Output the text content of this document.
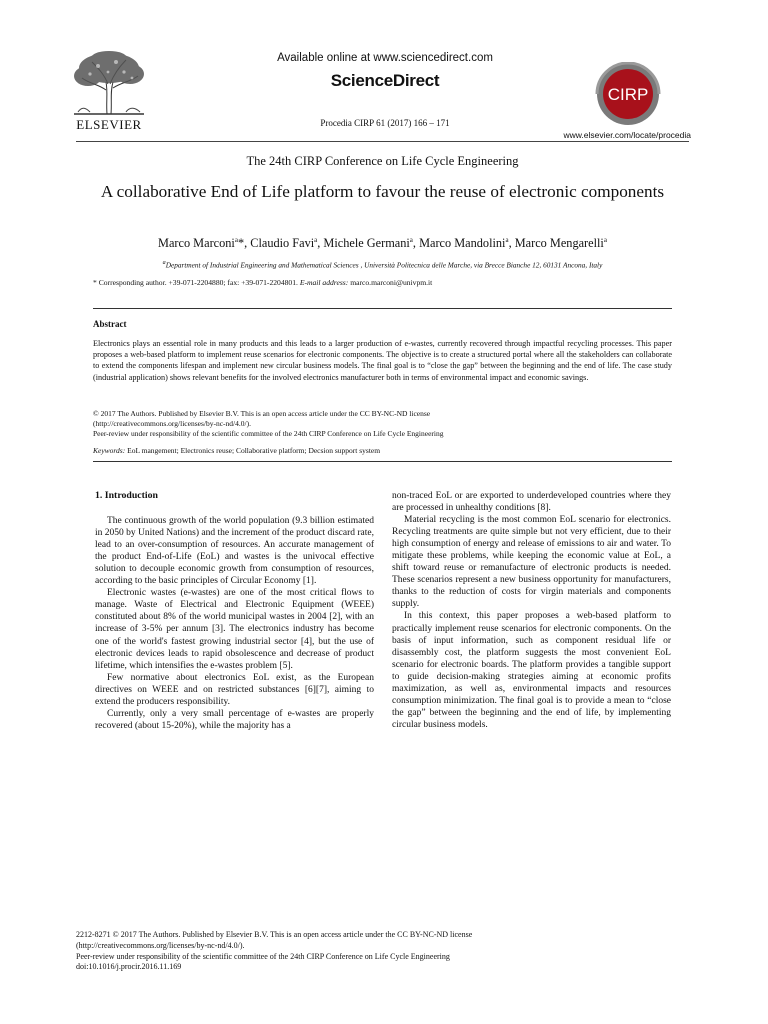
ELSEVIER
Available online at www.sciencedirect.com
ScienceDirect
Procedia CIRP 61 (2017) 166 – 171
CIRP
www.elsevier.com/locate/procedia
The 24th CIRP Conference on Life Cycle Engineering
A collaborative End of Life platform to favour the reuse of electronic components
Marco Marconi$^a$*, Claudio Favi$^a$, Michele Germani$^a$, Marco Mandolini$^a$, Marco Mengarelli$^a$
$^a$Department of Industrial Engineering and Mathematical Sciences , Università Politecnica delle Marche, via Brecce Bianche 12, 60131 Ancona, Italy
* Corresponding author. +39-071-2204880; fax: +39-071-2204801. E-mail address: marco.marconi@univpm.it
Abstract
Electronics plays an essential role in many products and this leads to a larger production of e-wastes, currently recovered through impactful recycling processes. This paper proposes a web-based platform to implement reuse scenarios for electronic components. The objective is to create a structured portal where all the stakeholders can collaborate to extend the components lifespan and implement new circular business models. The final goal is to “close the gap” between the beginning and the end of life. The case study (industrial application) shows relevant benefits for the involved electronics manufacturer both in terms of environmental impact and economic savings.
© 2017 The Authors. Published by Elsevier B.V. This is an open access article under the CC BY-NC-ND license
(http://creativecommons.org/licenses/by-nc-nd/4.0/).
Peer-review under responsibility of the scientific committee of the 24th CIRP Conference on Life Cycle Engineering
Keywords: EoL mangement; Electronics reuse; Collaborative platform; Decsion support system
1. Introduction

The continuous growth of the world population (9.3 billion estimated in 2050 by United Nations) and the increment of the product discard rate, lead to an over-consumption of resources. An accurate management of the product End-of-Life (EoL) and wastes is the univocal effective solution to decouple economic growth from consumption of resources, according to the basic principles of Circular Economy [1].

Electronic wastes (e-wastes) are one of the most critical flows to manage. Waste of Electrical and Electronic Equipment (WEEE) constituted about 8% of the world municipal wastes in 2004 [2], with an increase of 3-5% per annum [3]. The electronics industry has become one of the world's fastest growing industrial sector [4], but the use of electronic devices leads to rapid obsolescence and decrease of product lifetime, which intensifies the e-wastes problem [5].

Few normative about electronics EoL exist, as the European directives on WEEE and on restricted substances [6][7], aiming to extend the producers responsibility.

Currently, only a very small percentage of e-wastes are properly recovered (about 15-20%), while the majority has a

non-traced EoL or are exported to underdeveloped countries where they are processed in unhealthy conditions [8].

Material recycling is the most common EoL scenario for electronics. Recycling treatments are quite simple but not very efficient, due to their high consumption of energy and release of emissions to air and water. To mitigate these problems, while keeping the economic value at EoL, a shift toward reuse or remanufacture of electronic products is needed. These scenarios represent a new business opportunity for manufacturers, thanks to the reduction of costs for virgin materials and components supply.

In this context, this paper proposes a web-based platform to practically implement reuse scenarios for electronic components. On the basis of input information, such as component residual life or disassembly cost, the platform suggests the most convenient EoL scenario for electronic boards. The platform provides a tangible support to guide decision-making strategies aiming at economic profits maximization, as well as, environmental impacts and resources consumption minimization. The final goal is to provide a mean to “close the gap” between the beginning and the end of life, by implementing circular business models.

2212-8271 © 2017 The Authors. Published by Elsevier B.V. This is an open access article under the CC BY-NC-ND license
(http://creativecommons.org/licenses/by-nc-nd/4.0/).
Peer-review under responsibility of the scientific committee of the 24th CIRP Conference on Life Cycle Engineering
doi:10.1016/j.procir.2016.11.169
